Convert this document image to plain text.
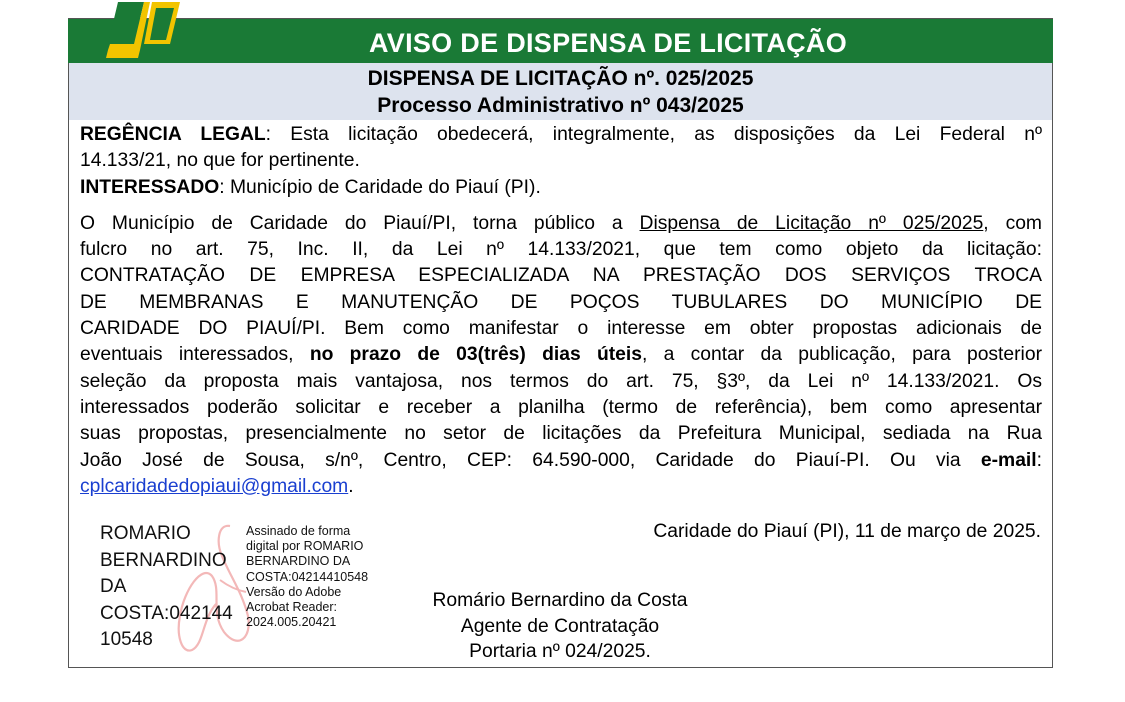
AVISO DE DISPENSA DE LICITAÇÃO
DISPENSA DE LICITAÇÃO nº. 025/2025
Processo Administrativo nº 043/2025

REGÊNCIA LEGAL: Esta licitação obedecerá, integralmente, as disposições da Lei Federal nº

14.133/21, no que for pertinente.

INTERESSADO: Município de Caridade do Piauí (PI).

O Município de Caridade do Piauí/PI, torna público a Dispensa de Licitação nº 025/2025, com

fulcro no art. 75, Inc. II, da Lei nº 14.133/2021, que tem como objeto da licitação:

CONTRATAÇÃO DE EMPRESA ESPECIALIZADA NA PRESTAÇÃO DOS SERVIÇOS TROCA

DE MEMBRANAS E MANUTENÇÃO DE POÇOS TUBULARES DO MUNICÍPIO DE

CARIDADE DO PIAUÍ/PI. Bem como manifestar o interesse em obter propostas adicionais de

eventuais interessados, no prazo de 03(três) dias úteis, a contar da publicação, para posterior

seleção da proposta mais vantajosa, nos termos do art. 75, §3º, da Lei nº 14.133/2021. Os

interessados poderão solicitar e receber a planilha (termo de referência), bem como apresentar

suas propostas, presencialmente no setor de licitações da Prefeitura Municipal, sediada na Rua

João José de Sousa, s/nº, Centro, CEP: 64.590-000, Caridade do Piauí-PI. Ou via e-mail:

cplcaridadedopiaui@gmail.com.

ROMARIO
BERNARDINO
DA
COSTA:042144
10548
Assinado de forma
digital por ROMARIO
BERNARDINO DA
COSTA:04214410548
Versão do Adobe
Acrobat Reader:
2024.005.20421
Caridade do Piauí (PI), 11 de março de 2025.
Romário Bernardino da Costa
Agente de Contratação
Portaria nº 024/2025.
